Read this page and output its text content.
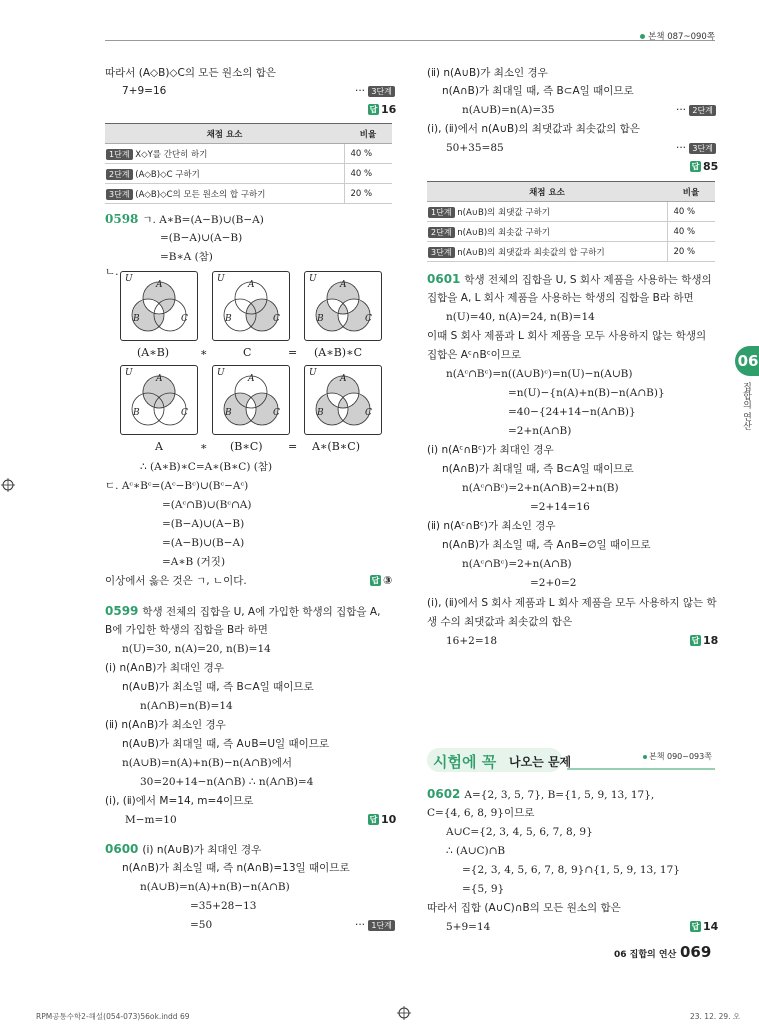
본책 087~090쪽
06
집합의 연산
따라서 (A◇B)◇C의 모든 원소의 합은
7+9=16	··· 3단계
답 16
채점 요소	비율
1단계 X◇Y를 간단히 하기	40 %
2단계 (A◇B)◇C 구하기	40 %
3단계 (A◇B)◇C의 모든 원소의 합 구하기	20 %
0598 ㄱ. A∗B=(A−B)∪(B−A)
=(B−A)∪(A−B)
=B∗A (참)
ㄴ.
U
A
B	C
U
A
B	C
U
A
B	C
U
A
B	C
U
A
B	C
U
A
B	C
(A∗B)	∗	C	= (A∗B)∗C
A	∗ (B∗C) = A∗(B∗C)
∴ (A∗B)∗C=A∗(B∗C) (참)
ㄷ. Aᶜ∗Bᶜ=(Aᶜ−Bᶜ)∪(Bᶜ−Aᶜ)
=(Aᶜ∩B)∪(Bᶜ∩A)
=(B−A)∪(A−B)
=(A−B)∪(B−A)
=A∗B (거짓)
이상에서 옳은 것은 ㄱ, ㄴ이다.	답 ③
0599 학생 전체의 집합을 U, A에 가입한 학생의 집합을 A,
B에 가입한 학생의 집합을 B라 하면
n(U)=30, n(A)=20, n(B)=14
(ⅰ) n(A∩B)가 최대인 경우
n(A∪B)가 최소일 때, 즉 B⊂A일 때이므로
n(A∩B)=n(B)=14
(ⅱ) n(A∩B)가 최소인 경우
n(A∪B)가 최대일 때, 즉 A∪B=U일 때이므로
n(A∪B)=n(A)+n(B)−n(A∩B)에서
30=20+14−n(A∩B) ∴ n(A∩B)=4
(ⅰ), (ⅱ)에서 M=14, m=4이므로
M−m=10	답 10
0600 (ⅰ) n(A∪B)가 최대인 경우
n(A∩B)가 최소일 때, 즉 n(A∩B)=13일 때이므로
n(A∪B)=n(A)+n(B)−n(A∩B)
=35+28−13
=50	··· 1단계
(ⅱ) n(A∪B)가 최소인 경우
n(A∩B)가 최대일 때, 즉 B⊂A일 때이므로
n(A∪B)=n(A)=35	··· 2단계
(ⅰ), (ⅱ)에서 n(A∪B)의 최댓값과 최솟값의 합은
50+35=85	··· 3단계
답 85
채점 요소	비율
1단계 n(A∪B)의 최댓값 구하기	40 %
2단계 n(A∪B)의 최솟값 구하기	40 %
3단계 n(A∪B)의 최댓값과 최솟값의 합 구하기	20 %
0601 학생 전체의 집합을 U, S 회사 제품을 사용하는 학생의
집합을 A, L 회사 제품을 사용하는 학생의 집합을 B라 하면
n(U)=40, n(A)=24, n(B)=14
이때 S 회사 제품과 L 회사 제품을 모두 사용하지 않는 학생의
집합은 Aᶜ∩Bᶜ이므로
n(Aᶜ∩Bᶜ)=n((A∪B)ᶜ)=n(U)−n(A∪B)
=n(U)−{n(A)+n(B)−n(A∩B)}
=40−{24+14−n(A∩B)}
=2+n(A∩B)
(ⅰ) n(Aᶜ∩Bᶜ)가 최대인 경우
n(A∩B)가 최대일 때, 즉 B⊂A일 때이므로
n(Aᶜ∩Bᶜ)=2+n(A∩B)=2+n(B)
=2+14=16
(ⅱ) n(Aᶜ∩Bᶜ)가 최소인 경우
n(A∩B)가 최소일 때, 즉 A∩B=∅일 때이므로
n(Aᶜ∩Bᶜ)=2+n(A∩B)
=2+0=2
(ⅰ), (ⅱ)에서 S 회사 제품과 L 회사 제품을 모두 사용하지 않는 학
생 수의 최댓값과 최솟값의 합은
16+2=18	답 18
시험에 꼭 나오는 문제	본책 090~093쪽
0602 A={2, 3, 5, 7}, B={1, 5, 9, 13, 17},
C={4, 6, 8, 9}이므로
A∪C={2, 3, 4, 5, 6, 7, 8, 9}
∴ (A∪C)∩B
={2, 3, 4, 5, 6, 7, 8, 9}∩{1, 5, 9, 13, 17}
={5, 9}
따라서 집합 (A∪C)∩B의 모든 원소의 합은
5+9=14	답 14
06 집합의 연산 069
RPM공통수학2-해설(054-073)56ok.indd 69	23. 12. 29. 오
